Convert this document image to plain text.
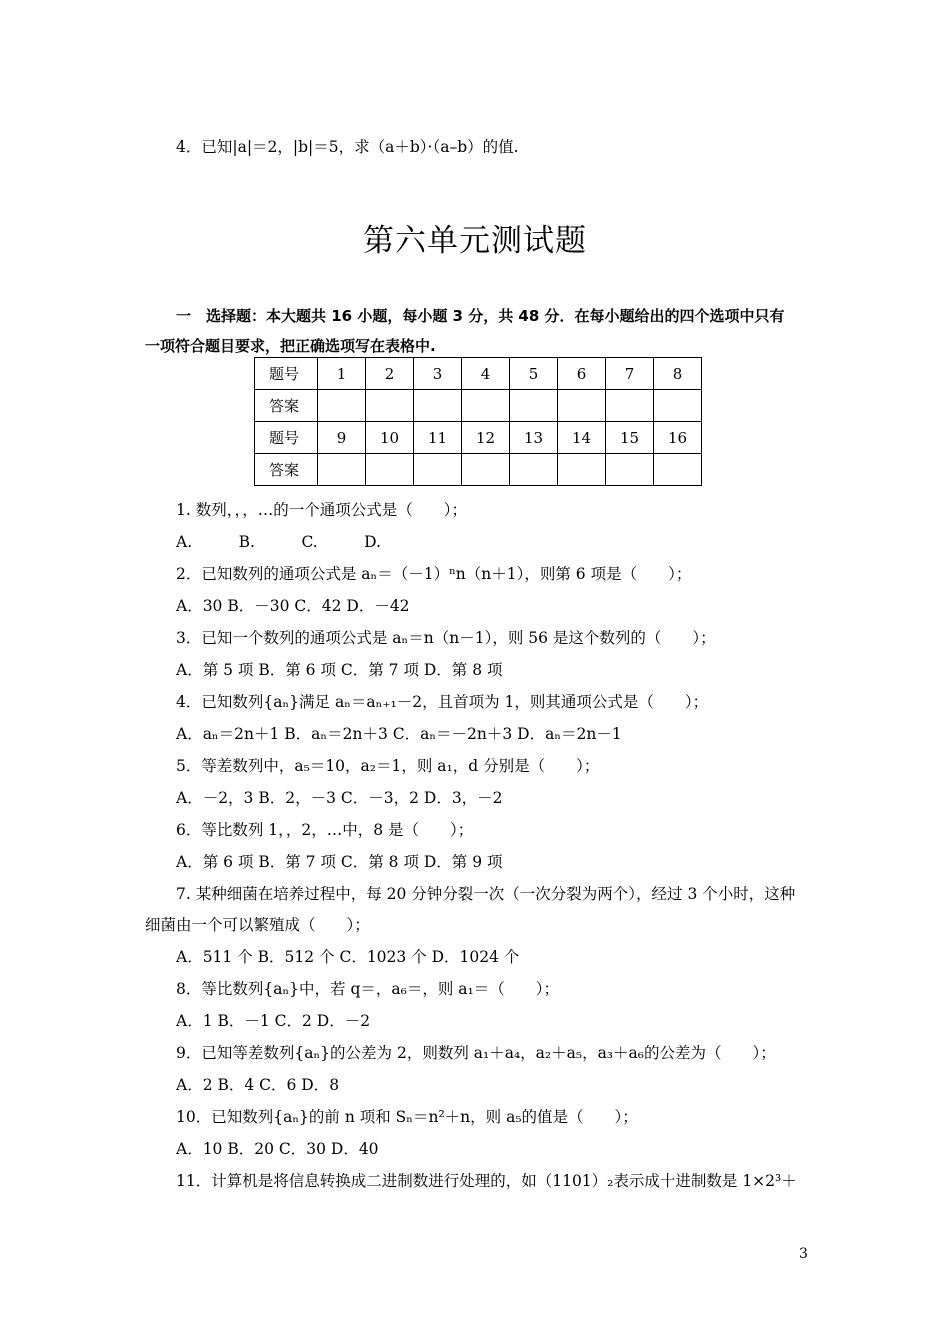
4．已知|a|＝2，|b|＝5，求（a＋b）·（a–b）的值.
第六单元测试题
一　选择题：本大题共 16 小题，每小题 3 分，共 48 分．在每小题给出的四个选项中只有
一项符合题目要求，把正确选项写在表格中.
题号	1	2	3	4	5	6	7	8
答案								
题号	9	10	11	12	13	14	15	16
答案								
1. 数列，，，…的一个通项公式是（　　）；
A.　　　B.　　　C.　　　D.
2．已知数列的通项公式是 aₙ＝（－1）ⁿn（n＋1），则第 6 项是（　　）；
A．30 B．－30 C．42 D．－42
3．已知一个数列的通项公式是 aₙ＝n（n－1），则 56 是这个数列的（　　）；
A．第 5 项 B．第 6 项 C．第 7 项 D．第 8 项
4．已知数列{aₙ}满足 aₙ＝aₙ₊₁－2，且首项为 1，则其通项公式是（　　）；
A．aₙ＝2n＋1 B．aₙ＝2n＋3 C．aₙ＝－2n＋3 D．aₙ＝2n－1
5．等差数列中，a₅＝10，a₂＝1，则 a₁，d 分别是（　　）；
A．－2，3 B．2，－3 C．－3，2 D．3，－2
6．等比数列 1，，2，…中，8 是（　　）；
A．第 6 项 B．第 7 项 C．第 8 项 D．第 9 项
7. 某种细菌在培养过程中，每 20 分钟分裂一次（一次分裂为两个），经过 3 个小时，这种
细菌由一个可以繁殖成（　　）；
A．511 个 B．512 个 C．1023 个 D．1024 个
8．等比数列{aₙ}中，若 q＝，a₆＝，则 a₁＝（　　）；
A．1 B．－1 C．2 D．－2
9．已知等差数列{aₙ}的公差为 2，则数列 a₁＋a₄，a₂＋a₅，a₃＋a₆的公差为（　　）；
A．2 B．4 C．6 D．8
10．已知数列{aₙ}的前 n 项和 Sₙ＝n²＋n，则 a₅的值是（　　）；
A．10 B．20 C．30 D．40
11．计算机是将信息转换成二进制数进行处理的，如（1101）₂表示成十进制数是 1×2³＋
3
